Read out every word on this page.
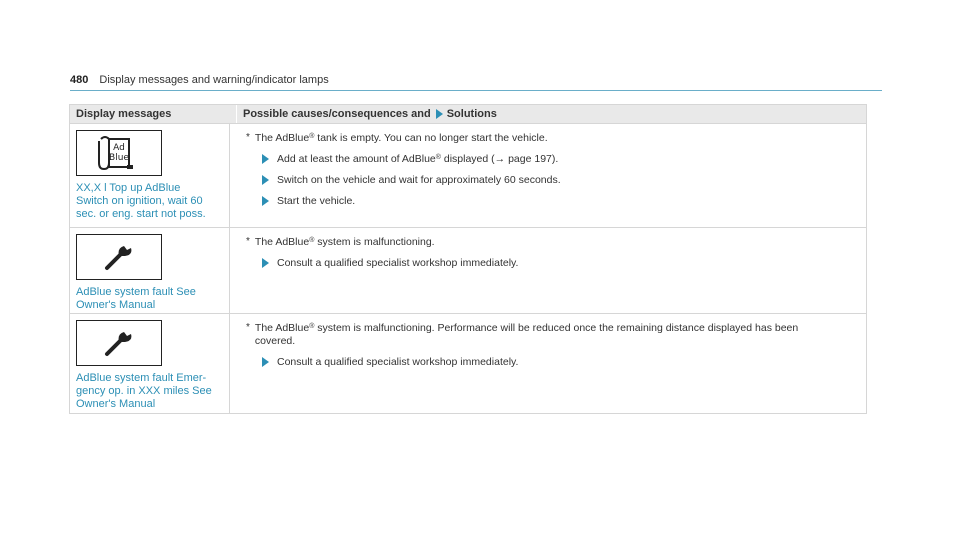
480 Display messages and warning/indicator lamps
Display messages	Possible causes/consequences and Solutions
Ad
Blue
XX,X l Top up AdBlue
Switch on ignition, wait 60
sec. or eng. start not poss.
* The AdBlue® tank is empty. You can no longer start the vehicle.
Add at least the amount of AdBlue® displayed (→ page 197).
Switch on the vehicle and wait for approximately 60 seconds.
Start the vehicle.
AdBlue system fault See
Owner's Manual
* The AdBlue® system is malfunctioning.
Consult a qualified specialist workshop immediately.
AdBlue system fault Emer-
gency op. in XXX miles See
Owner's Manual
* The AdBlue® system is malfunctioning. Performance will be reduced once the remaining distance displayed has been
covered.
Consult a qualified specialist workshop immediately.
